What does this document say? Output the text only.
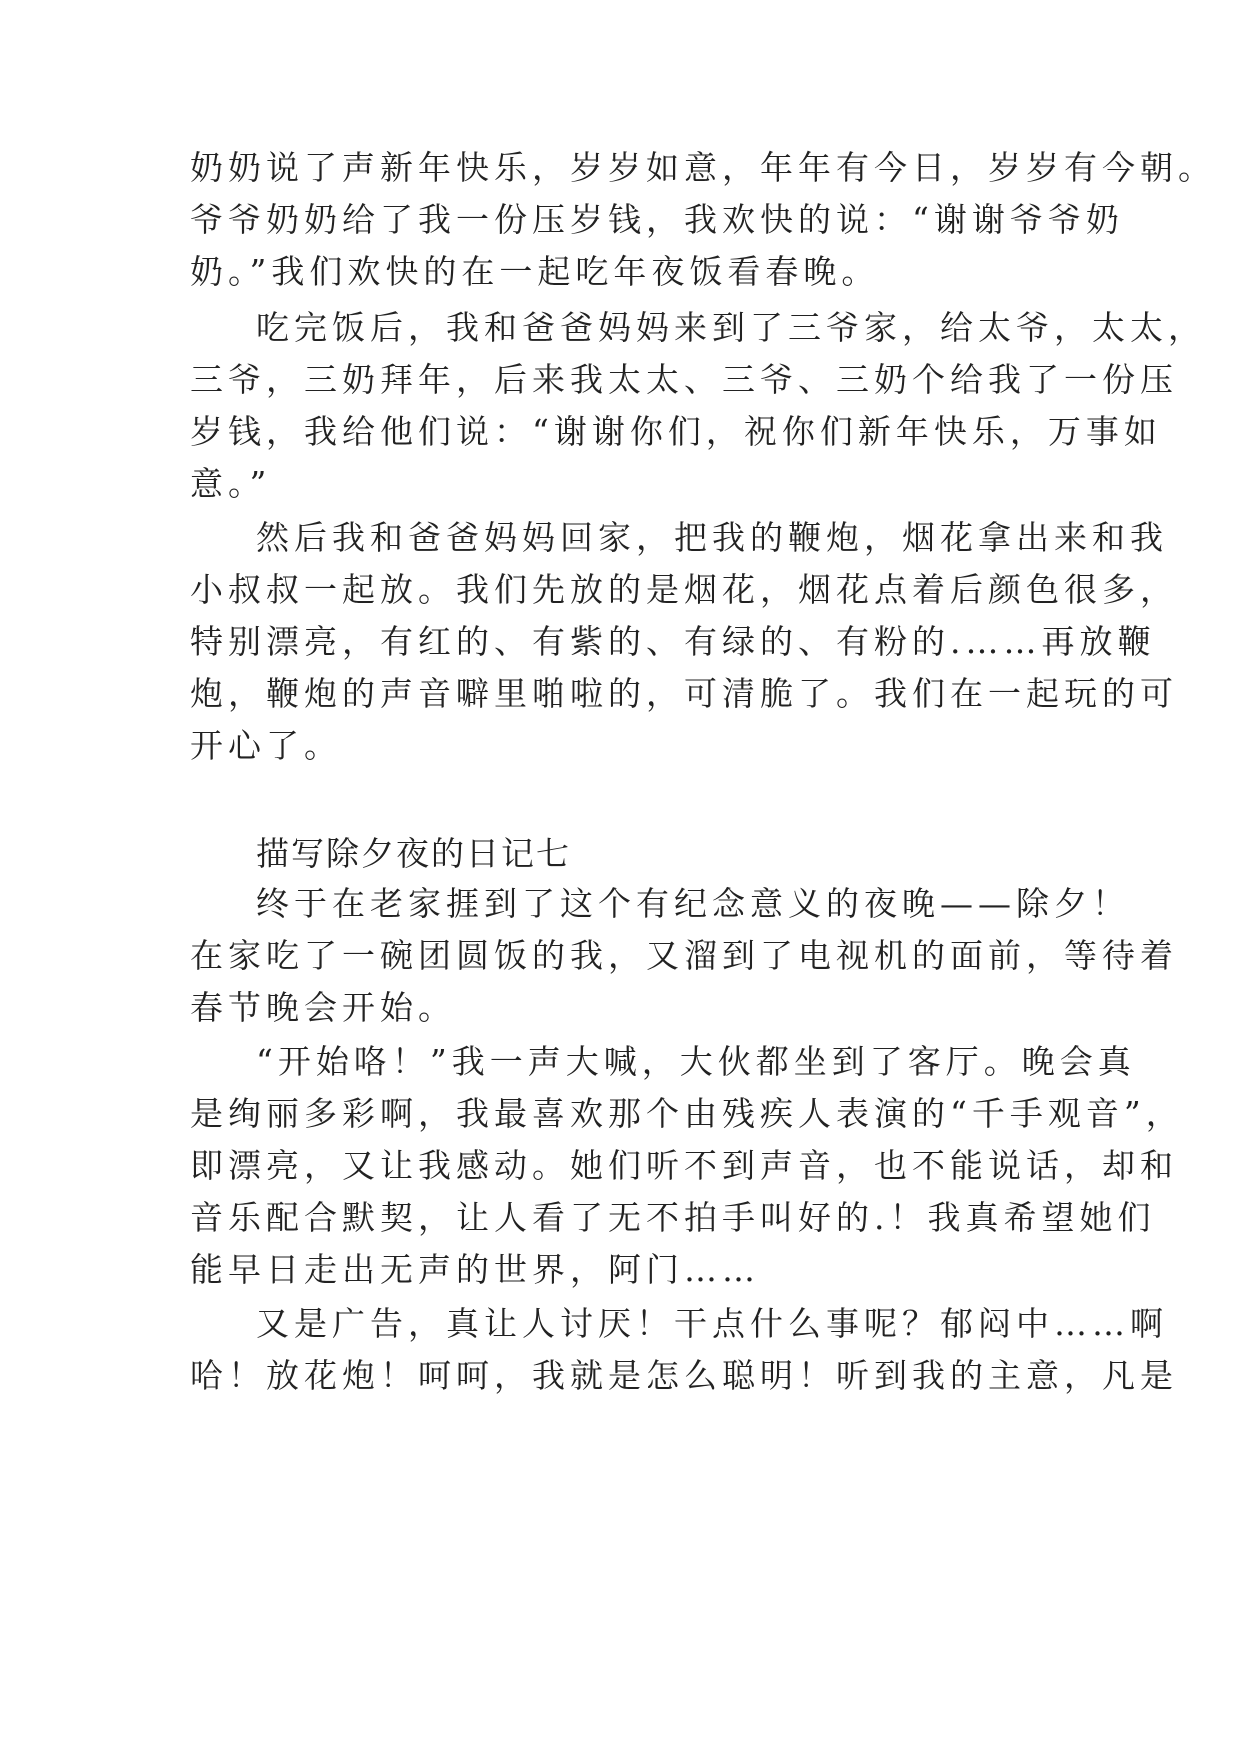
奶奶说了声新年快乐，岁岁如意，年年有今日，岁岁有今朝。
爷爷奶奶给了我一份压岁钱，我欢快的说：“谢谢爷爷奶
奶。”我们欢快的在一起吃年夜饭看春晚。
吃完饭后，我和爸爸妈妈来到了三爷家，给太爷，太太，
三爷，三奶拜年，后来我太太、三爷、三奶个给我了一份压
岁钱，我给他们说：“谢谢你们，祝你们新年快乐，万事如
意。”
然后我和爸爸妈妈回家，把我的鞭炮，烟花拿出来和我
小叔叔一起放。我们先放的是烟花，烟花点着后颜色很多，
特别漂亮，有红的、有紫的、有绿的、有粉的.……再放鞭
炮，鞭炮的声音噼里啪啦的，可清脆了。我们在一起玩的可
开心了。
描写除夕夜的日记七
终于在老家捱到了这个有纪念意义的夜晚——除夕！
在家吃了一碗团圆饭的我，又溜到了电视机的面前，等待着
春节晚会开始。
“开始咯！”我一声大喊，大伙都坐到了客厅。晚会真
是绚丽多彩啊，我最喜欢那个由残疾人表演的“千手观音”，
即漂亮，又让我感动。她们听不到声音，也不能说话，却和
音乐配合默契，让人看了无不拍手叫好的.！我真希望她们
能早日走出无声的世界，阿门……
又是广告，真让人讨厌！干点什么事呢？郁闷中……啊
哈！放花炮！呵呵，我就是怎么聪明！听到我的主意，凡是
